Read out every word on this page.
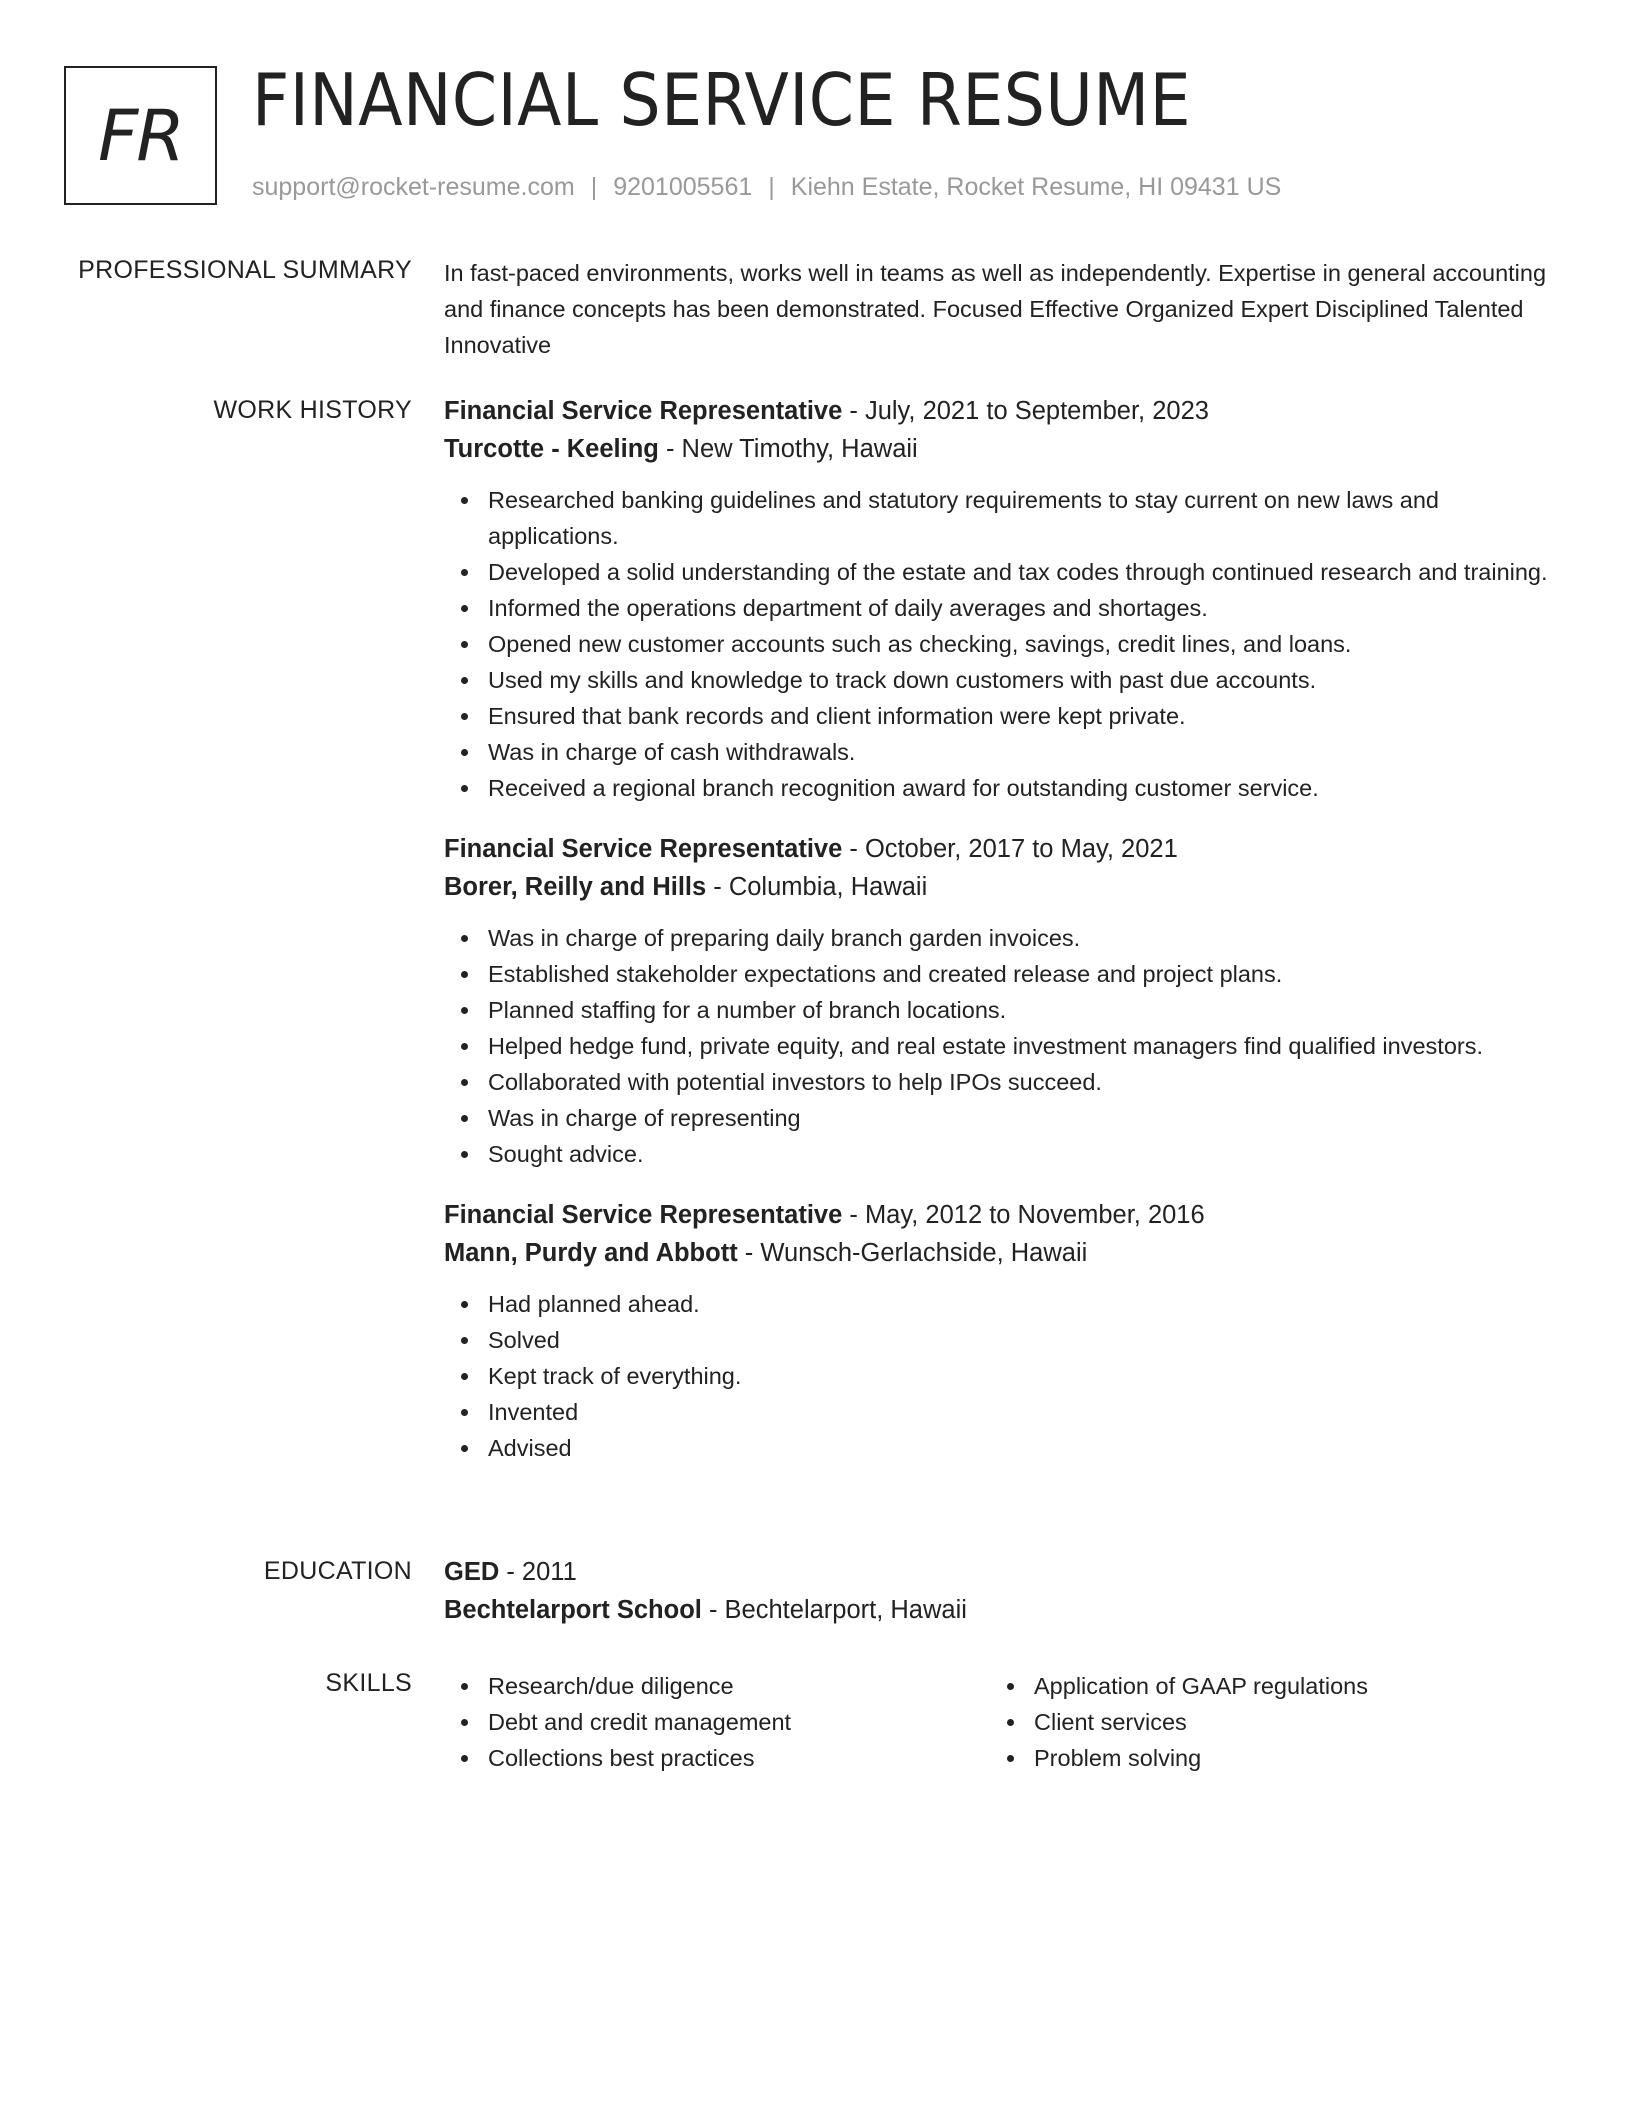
FR FINANCIAL SERVICE RESUME
support@rocket-resume.com | 9201005561 | Kiehn Estate, Rocket Resume, HI 09431 US
PROFESSIONAL SUMMARY In fast-paced environments, works well in teams as well as independently. Expertise in general accounting and finance concepts has been demonstrated. Focused Effective Organized Expert Disciplined Talented Innovative

WORK HISTORY Financial Service Representative - July, 2021 to September, 2023
Turcotte - Keeling - New Timothy, Hawaii
Researched banking guidelines and statutory requirements to stay current on new laws and applications.
Developed a solid understanding of the estate and tax codes through continued research and training.
Informed the operations department of daily averages and shortages.
Opened new customer accounts such as checking, savings, credit lines, and loans.
Used my skills and knowledge to track down customers with past due accounts.
Ensured that bank records and client information were kept private.
Was in charge of cash withdrawals.
Received a regional branch recognition award for outstanding customer service.
Financial Service Representative - October, 2017 to May, 2021
Borer, Reilly and Hills - Columbia, Hawaii
Was in charge of preparing daily branch garden invoices.
Established stakeholder expectations and created release and project plans.
Planned staffing for a number of branch locations.
Helped hedge fund, private equity, and real estate investment managers find qualified investors.
Collaborated with potential investors to help IPOs succeed.
Was in charge of representing
Sought advice.
Financial Service Representative - May, 2012 to November, 2016
Mann, Purdy and Abbott - Wunsch-Gerlachside, Hawaii
Had planned ahead.
Solved
Kept track of everything.
Invented
Advised
EDUCATION GED - 2011
Bechtelarport School - Bechtelarport, Hawaii
SKILLS	Research/due diligence
Debt and credit management
Collections best practices
Application of GAAP regulations
Client services
Problem solving
